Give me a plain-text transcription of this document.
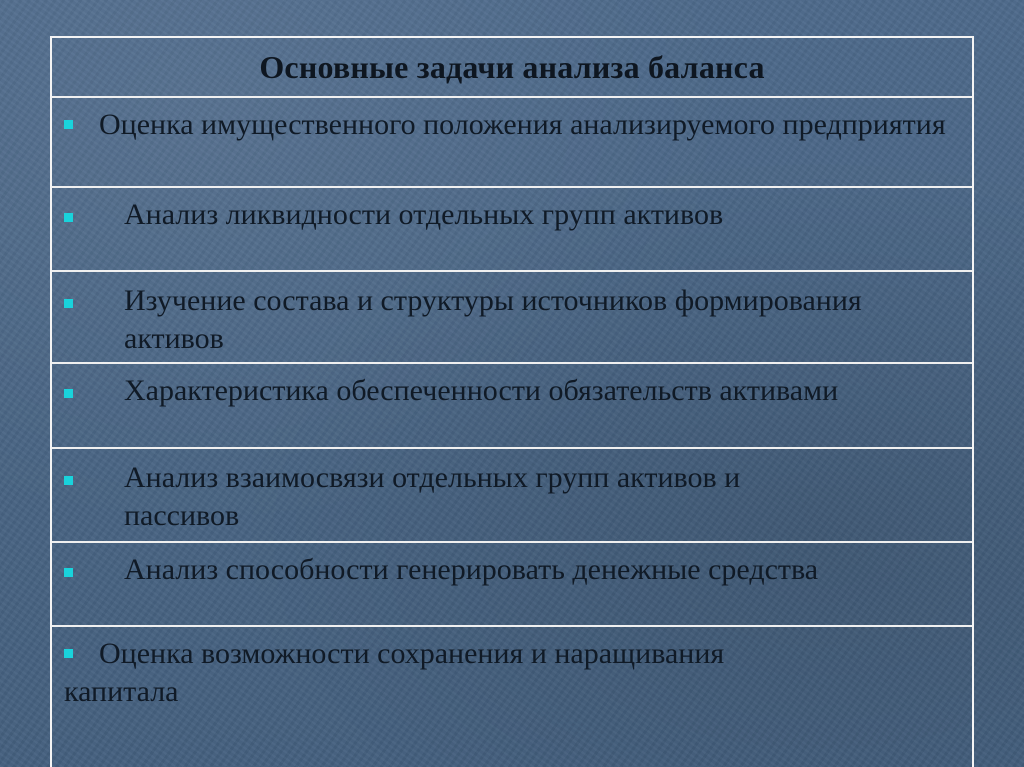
Основные задачи анализа баланса
Оценка имущественного положения анализируемого предприятия
Анализ ликвидности отдельных групп активов
Изучение состава и структуры источников формирования активов
Характеристика обеспеченности обязательств активами
Анализ взаимосвязи отдельных групп активов и пассивов
Анализ способности генерировать денежные средства
Оценка возможности сохранения и наращивания капитала
